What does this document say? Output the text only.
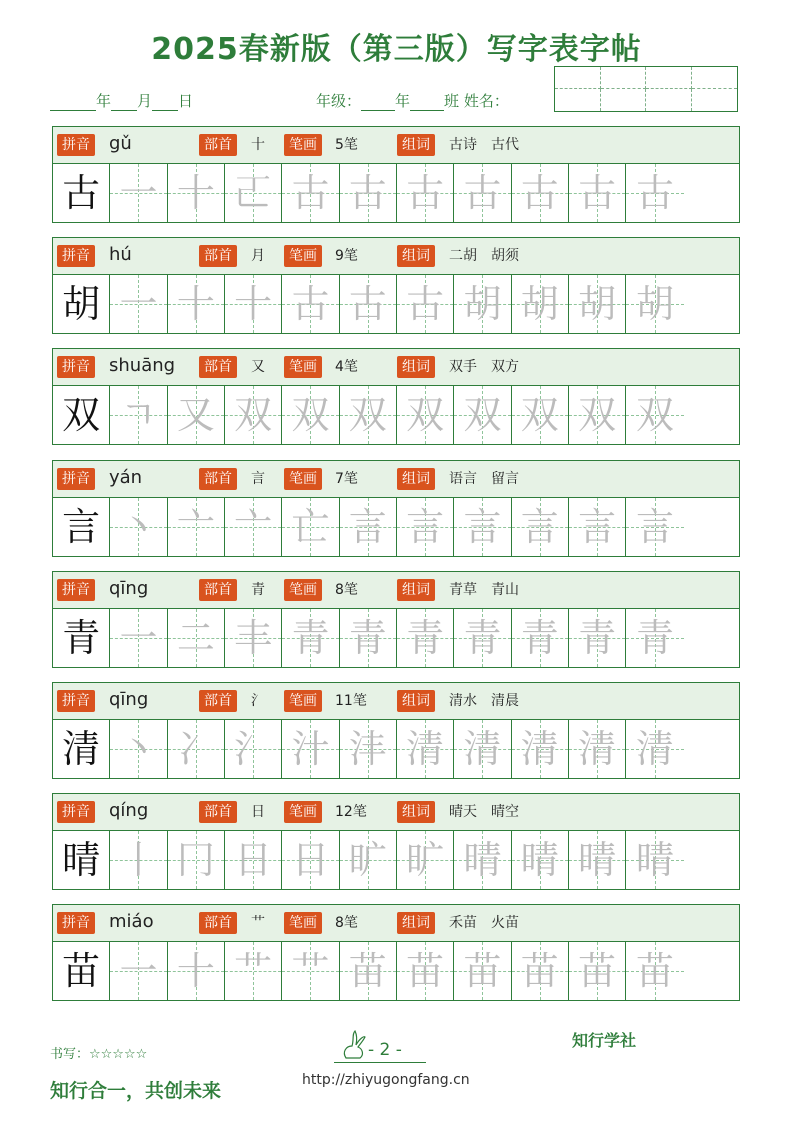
2025春新版（第三版）写字表字帖
年 月 日	年级： 年 班 姓名：
拼音 gǔ	部首	十	笔画	5笔	组词	古诗　古代
古 一 十 𠀀 古 古 古 古 古 古 古
拼音 hú	部首	月	笔画	9笔	组词	二胡　胡须
胡 一 十 十 古 古 古 胡 胡 胡 胡
拼音 shuāng	部首	又	笔画	4笔	组词	双手　双方
双 ㄱ 又 双 双 双 双 双 双 双 双
拼音 yán	部首	言	笔画	7笔	组词	语言　留言
言 丶 亠 亠 亡 言 言 言 言 言 言
拼音 qīng	部首	青	笔画	8笔	组词	青草　青山
青 一 二 丰 青 青 青 青 青 青 青
拼音 qīng	部首	氵	笔画	11笔	组词	清水　清晨
清 丶 冫 氵 汁 沣 清 清 清 清 清
拼音 qíng	部首	日	笔画	12笔	组词	晴天　晴空
晴 丨 冂 日 日 旷 旷 晴 晴 晴 晴
拼音 miáo	部首	艹	笔画	8笔	组词	禾苗　火苗
苗 一 十 艹 艹 苗 苗 苗 苗 苗 苗
书写：☆☆☆☆☆
知行合一，共创未来
- 2 -
http://zhiyugongfang.cn
知行学社
